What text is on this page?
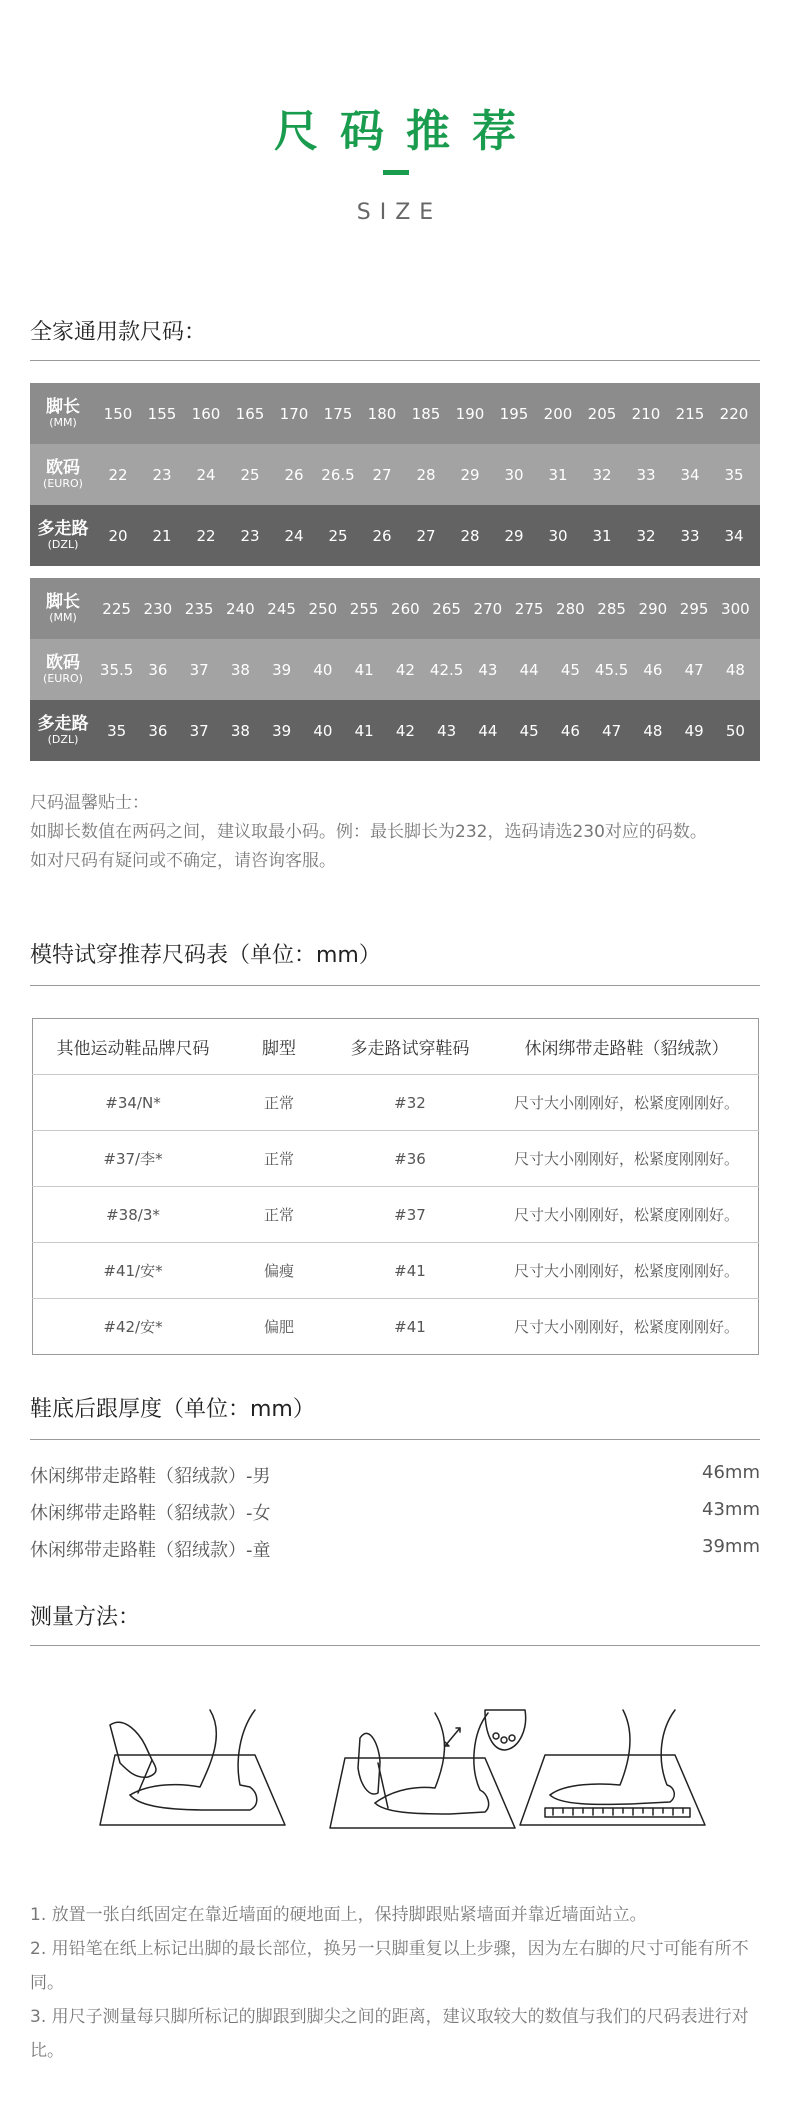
尺码推荐
SIZE
全家通用款尺码：
脚长
(MM)	150	155	160	165	170	175	180	185	190	195	200	205	210	215	220
欧码
(EURO)	22	23	24	25	26	26.5	27	28	29	30	31	32	33	34	35
多走路
(DZL)	20	21	22	23	24	25	26	27	28	29	30	31	32	33	34
脚长
(MM)	225 230 235 240 245 250 255 260 265 270 275 280 285 290 295 300
欧码
(EURO)	35.5	36	37	38	39	40	41	42	42.5	43	44	45	45.5	46	47	48
多走路
(DZL)	35	36	37	38	39	40	41	42	43	44	45	46	47	48	49	50

尺码温馨贴士：

如脚长数值在两码之间，建议取最小码。例：最长脚长为232，选码请选230对应的码数。

如对尺码有疑问或不确定，请咨询客服。

模特试穿推荐尺码表（单位：mm）
其他运动鞋品牌尺码	脚型	多走路试穿鞋码	休闲绑带走路鞋（貂绒款）
#34/N*	正常	#32	尺寸大小刚刚好，松紧度刚刚好。
#37/李*	正常	#36	尺寸大小刚刚好，松紧度刚刚好。
#38/3*	正常	#37	尺寸大小刚刚好，松紧度刚刚好。
#41/安*	偏瘦	#41	尺寸大小刚刚好，松紧度刚刚好。
#42/安*	偏肥	#41	尺寸大小刚刚好，松紧度刚刚好。
鞋底后跟厚度（单位：mm）
休闲绑带走路鞋（貂绒款）-男	46mm
休闲绑带走路鞋（貂绒款）-女	43mm
休闲绑带走路鞋（貂绒款）-童	39mm
测量方法：

1. 放置一张白纸固定在靠近墙面的硬地面上，保持脚跟贴紧墙面并靠近墙面站立。

2. 用铅笔在纸上标记出脚的最长部位，换另一只脚重复以上步骤，因为左右脚的尺寸可能有所不同。

3. 用尺子测量每只脚所标记的脚跟到脚尖之间的距离，建议取较大的数值与我们的尺码表进行对比。
